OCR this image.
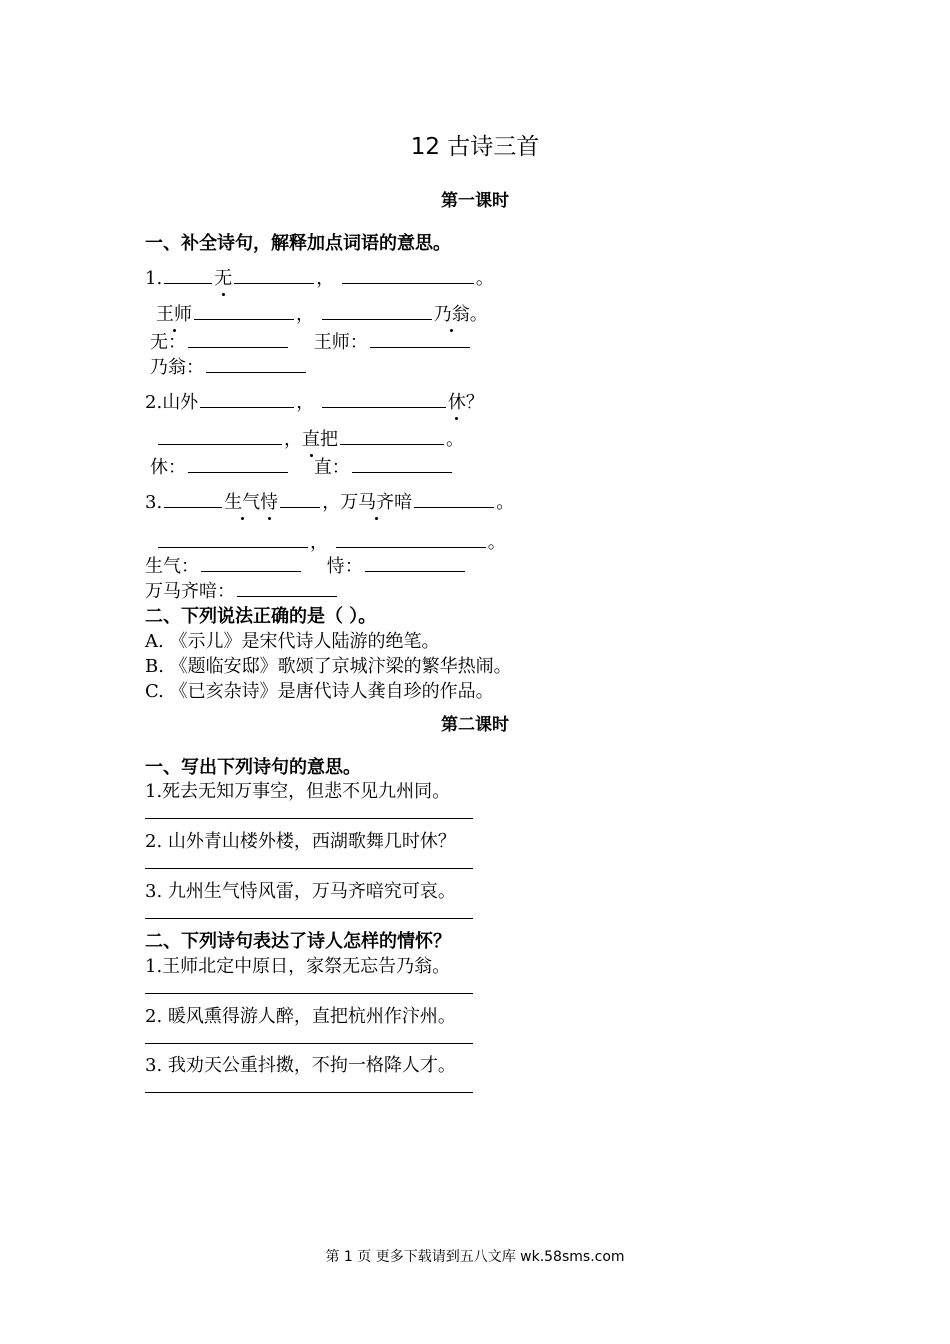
12 古诗三首
第一课时
一、补全诗句，解释加点词语的意思。
1.	无	，	。
王师	，	乃翁。
无：	王师：
乃翁：
2.山外	，	休？
，直把	。
休：	直：
3.	生气恃 ，万马齐喑	。
，	。
生气：	恃：
万马齐喑：
二、下列说法正确的是（ ）。
A. 《示儿》是宋代诗人陆游的绝笔。
B. 《题临安邸》歌颂了京城汴梁的繁华热闹。
C. 《已亥杂诗》是唐代诗人龚自珍的作品。
第二课时
一、写出下列诗句的意思。
1.死去无知万事空，但悲不见九州同。
2. 山外青山楼外楼，西湖歌舞几时休？
3. 九州生气恃风雷，万马齐喑究可哀。
二、下列诗句表达了诗人怎样的情怀？
1.王师北定中原日，家祭无忘告乃翁。
2. 暖风熏得游人醉，直把杭州作汴州。
3. 我劝天公重抖擞，不拘一格降人才。
第 1 页 更多下载请到五八文库 wk.58sms.com
